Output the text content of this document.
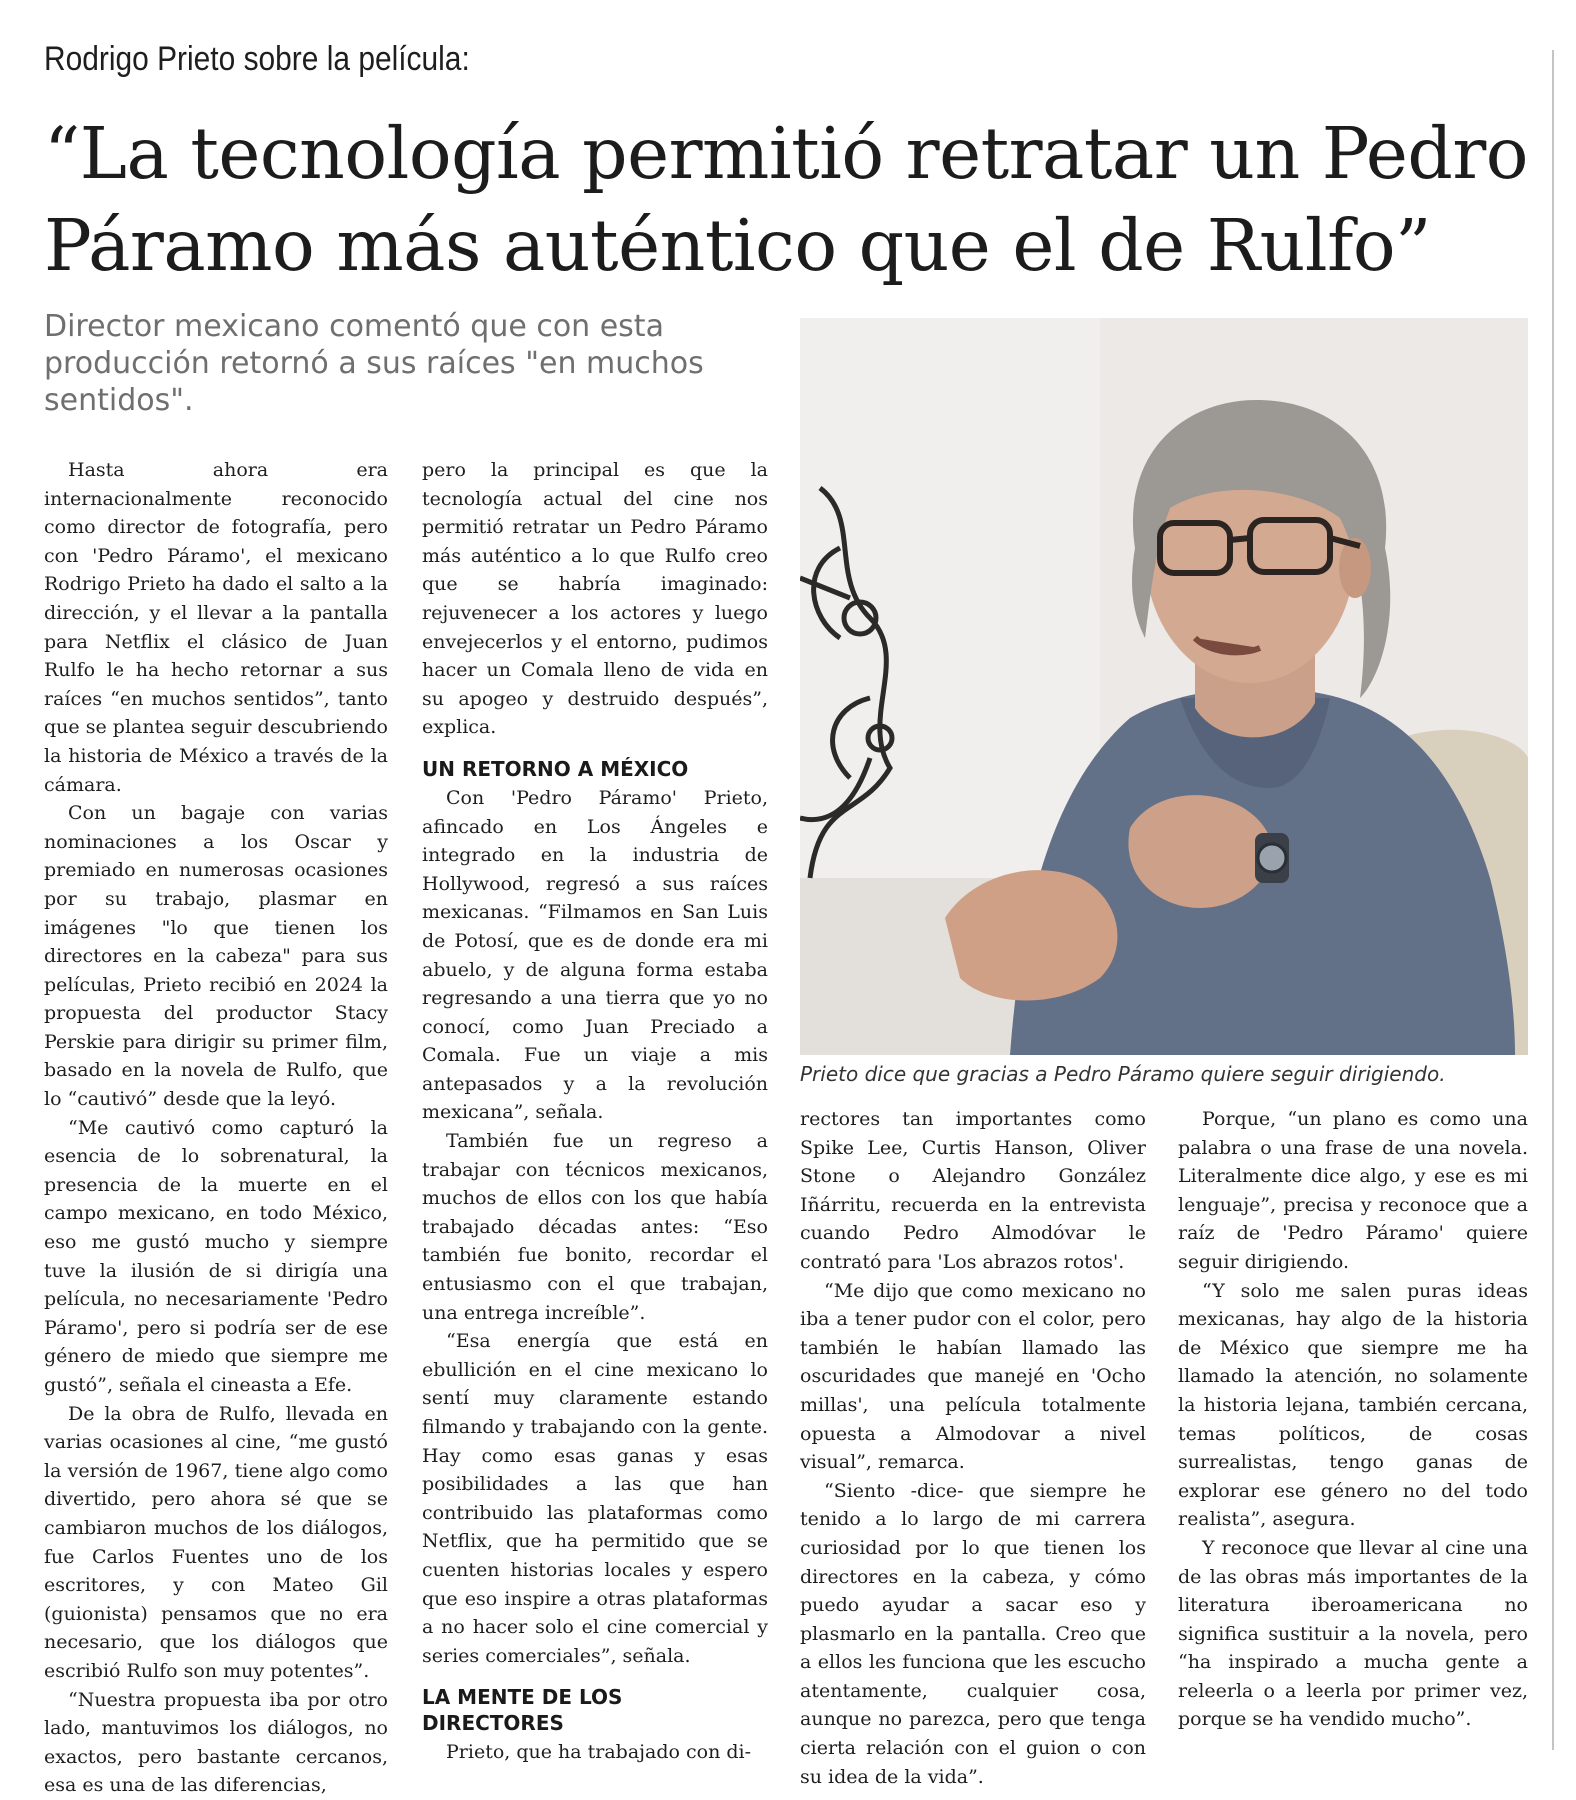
Rodrigo Prieto sobre la película:
“La tecnología permitió retratar un Pedro
Páramo más auténtico que el de Rulfo”

Director mexicano comentó que con esta producción retornó a sus raíces "en muchos sentidos".

Hasta ahora era internacionalmente reconocido como director de fotografía, pero con 'Pedro Páramo', el mexicano Rodrigo Prieto ha dado el salto a la dirección, y el llevar a la pantalla para Netflix el clásico de Juan Rulfo le ha hecho retornar a sus raíces “en muchos sentidos”, tanto que se plantea seguir descubriendo la historia de México a través de la cámara.

Con un bagaje con varias nominaciones a los Oscar y premiado en numerosas ocasiones por su trabajo, plasmar en imágenes "lo que tienen los directores en la cabeza" para sus películas, Prieto recibió en 2024 la propuesta del productor Stacy Perskie para dirigir su primer film, basado en la novela de Rulfo, que lo “cautivó” desde que la leyó.

“Me cautivó como capturó la esencia de lo sobrenatural, la presencia de la muerte en el campo mexicano, en todo México, eso me gustó mucho y siempre tuve la ilusión de si dirigía una película, no necesariamente 'Pedro Páramo', pero si podría ser de ese género de miedo que siempre me gustó”, señala el cineasta a Efe.

De la obra de Rulfo, llevada en varias ocasiones al cine, “me gustó la versión de 1967, tiene algo como divertido, pero ahora sé que se cambiaron muchos de los diálogos, fue Carlos Fuentes uno de los escritores, y con Mateo Gil (guionista) pensamos que no era necesario, que los diálogos que escribió Rulfo son muy potentes”.

“Nuestra propuesta iba por otro lado, mantuvimos los diálogos, no exactos, pero bastante cercanos, esa es una de las diferencias,

pero la principal es que la tecnología actual del cine nos permitió retratar un Pedro Páramo más auténtico a lo que Rulfo creo que se habría imaginado: rejuvenecer a los actores y luego envejecerlos y el entorno, pudimos hacer un Comala lleno de vida en su apogeo y destruido después”, explica.

UN RETORNO A MÉXICO

Con 'Pedro Páramo' Prieto, afincado en Los Ángeles e integrado en la industria de Hollywood, regresó a sus raíces mexicanas. “Filmamos en San Luis de Potosí, que es de donde era mi abuelo, y de alguna forma estaba regresando a una tierra que yo no conocí, como Juan Preciado a Comala. Fue un viaje a mis antepasados y a la revolución mexicana”, señala.

También fue un regreso a trabajar con técnicos mexicanos, muchos de ellos con los que había trabajado décadas antes: “Eso también fue bonito, recordar el entusiasmo con el que trabajan, una entrega increíble”.

“Esa energía que está en ebullición en el cine mexicano lo sentí muy claramente estando filmando y trabajando con la gente. Hay como esas ganas y esas posibilidades a las que han contribuido las plataformas como Netflix, que ha permitido que se cuenten historias locales y espero que eso inspire a otras plataformas a no hacer solo el cine comercial y series comerciales”, señala.

LA MENTE DE LOS DIRECTORES

Prieto, que ha trabajado con di-

Prieto dice que gracias a Pedro Páramo quiere seguir dirigiendo.

rectores tan importantes como Spike Lee, Curtis Hanson, Oliver Stone o Alejandro González Iñárritu, recuerda en la entrevista cuando Pedro Almodóvar le contrató para 'Los abrazos rotos'.

“Me dijo que como mexicano no iba a tener pudor con el color, pero también le habían llamado las oscuridades que manejé en 'Ocho millas', una película totalmente opuesta a Almodovar a nivel visual”, remarca.

“Siento -dice- que siempre he tenido a lo largo de mi carrera curiosidad por lo que tienen los directores en la cabeza, y cómo puedo ayudar a sacar eso y plasmarlo en la pantalla. Creo que a ellos les funciona que les escucho atentamente, cualquier cosa, aunque no parezca, pero que tenga cierta relación con el guion o con su idea de la vida”.

Porque, “un plano es como una palabra o una frase de una novela. Literalmente dice algo, y ese es mi lenguaje”, precisa y reconoce que a raíz de 'Pedro Páramo' quiere seguir dirigiendo.

“Y solo me salen puras ideas mexicanas, hay algo de la historia de México que siempre me ha llamado la atención, no solamente la historia lejana, también cercana, temas políticos, de cosas surrealistas, tengo ganas de explorar ese género no del todo realista”, asegura.

Y reconoce que llevar al cine una de las obras más importantes de la literatura iberoamericana no significa sustituir a la novela, pero “ha inspirado a mucha gente a releerla o a leerla por primer vez, porque se ha vendido mucho”.
